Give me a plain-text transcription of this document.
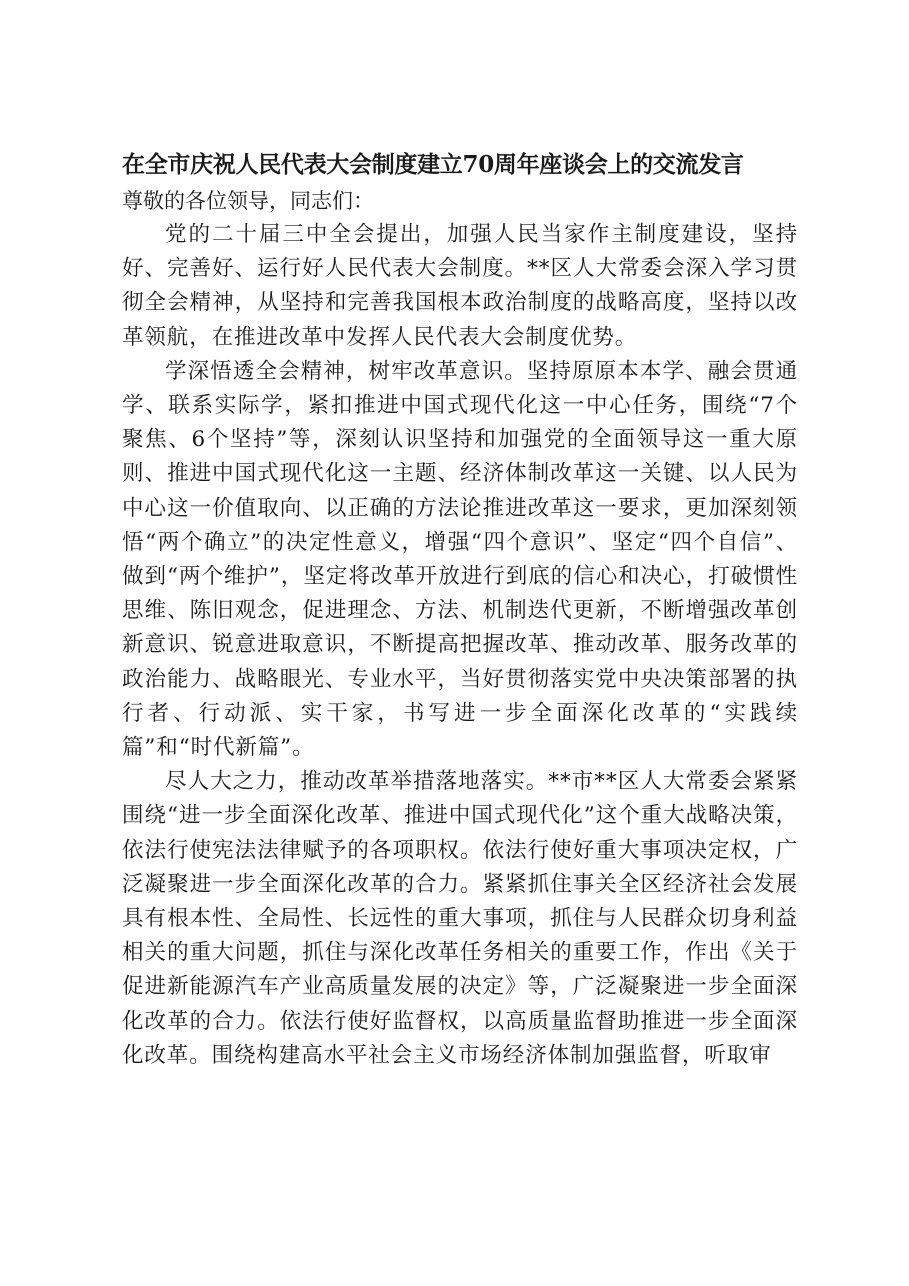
在全市庆祝人民代表大会制度建立70周年座谈会上的交流发言

尊敬的各位领导，同志们：

党的二十届三中全会提出，加强人民当家作主制度建设，坚持好、完善好、运行好人民代表大会制度。**区人大常委会深入学习贯彻全会精神，从坚持和完善我国根本政治制度的战略高度，坚持以改革领航，在推进改革中发挥人民代表大会制度优势。

学深悟透全会精神，树牢改革意识。坚持原原本本学、融会贯通学、联系实际学，紧扣推进中国式现代化这一中心任务，围绕“7个聚焦、6个坚持”等，深刻认识坚持和加强党的全面领导这一重大原则、推进中国式现代化这一主题、经济体制改革这一关键、以人民为中心这一价值取向、以正确的方法论推进改革这一要求，更加深刻领悟“两个确立”的决定性意义，增强“四个意识”、坚定“四个自信”、做到“两个维护”，坚定将改革开放进行到底的信心和决心，打破惯性思维、陈旧观念，促进理念、方法、机制迭代更新，不断增强改革创新意识、锐意进取意识，不断提高把握改革、推动改革、服务改革的政治能力、战略眼光、专业水平，当好贯彻落实党中央决策部署的执行者、行动派、实干家，书写进一步全面深化改革的“实践续篇”和“时代新篇”。

尽人大之力，推动改革举措落地落实。**市**区人大常委会紧紧围绕“进一步全面深化改革、推进中国式现代化”这个重大战略决策，依法行使宪法法律赋予的各项职权。依法行使好重大事项决定权，广泛凝聚进一步全面深化改革的合力。紧紧抓住事关全区经济社会发展具有根本性、全局性、长远性的重大事项，抓住与人民群众切身利益相关的重大问题，抓住与深化改革任务相关的重要工作，作出《关于促进新能源汽车产业高质量发展的决定》等，广泛凝聚进一步全面深化改革的合力。依法行使好监督权，以高质量监督助推进一步全面深化改革。围绕构建高水平社会主义市场经济体制加强监督，听取审
